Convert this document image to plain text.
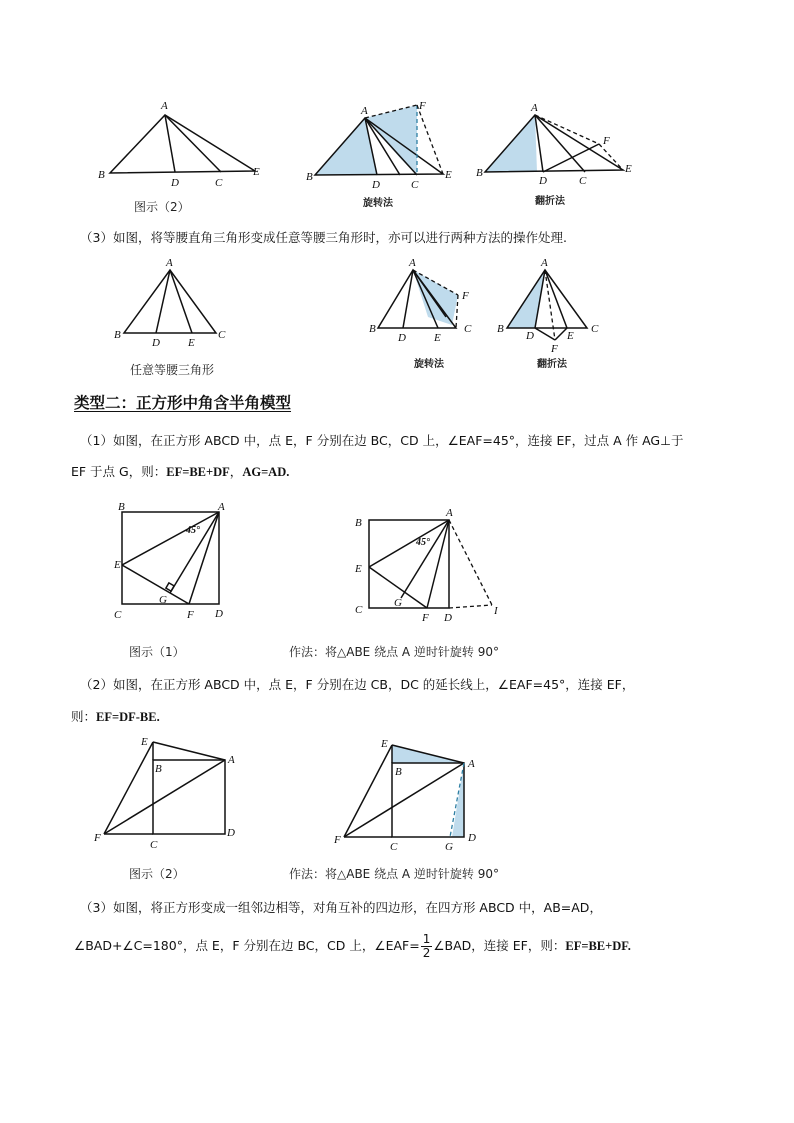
A
B
D	C
E
图示（2）
A	F
B
D	C
E
旋转法
A
F
B
D	C
E
翻折法
（3）如图，将等腰直角三角形变成任意等腰三角形时，亦可以进行两种方法的操作处理.
A
B
D	E
C
任意等腰三角形
A
F
B
D	E
C
旋转法
A
B
D	E
C
F
翻折法
类型二：正方形中角含半角模型
（1）如图，在正方形 ABCD 中，点 E，F 分别在边 BC，CD 上，∠EAF=45°，连接 EF，过点 A 作 AG⊥于
EF 于点 G，则：EF=BE+DF，AG=AD.
B	A
45°
E
G
C	F D
图示（1）
B
A
45°
E
G
C
F D
I
作法：将△ABE 绕点 A 逆时针旋转 90°
（2）如图，在正方形 ABCD 中，点 E，F 分别在边 CB，DC 的延长线上，∠EAF=45°，连接 EF，
则：EF=DF-BE.
E
B
A
F
C
D
图示（2）
E
B
A
F
C	G
D
作法：将△ABE 绕点 A 逆时针旋转 90°
（3）如图，将正方形变成一组邻边相等，对角互补的四边形，在四方形 ABCD 中，AB=AD，
∠BAD+∠C=180°，点 E，F 分别在边 BC，CD 上，∠EAF= $\frac{1}{2}$ ∠BAD，连接 EF，则：EF=BE+DF.
